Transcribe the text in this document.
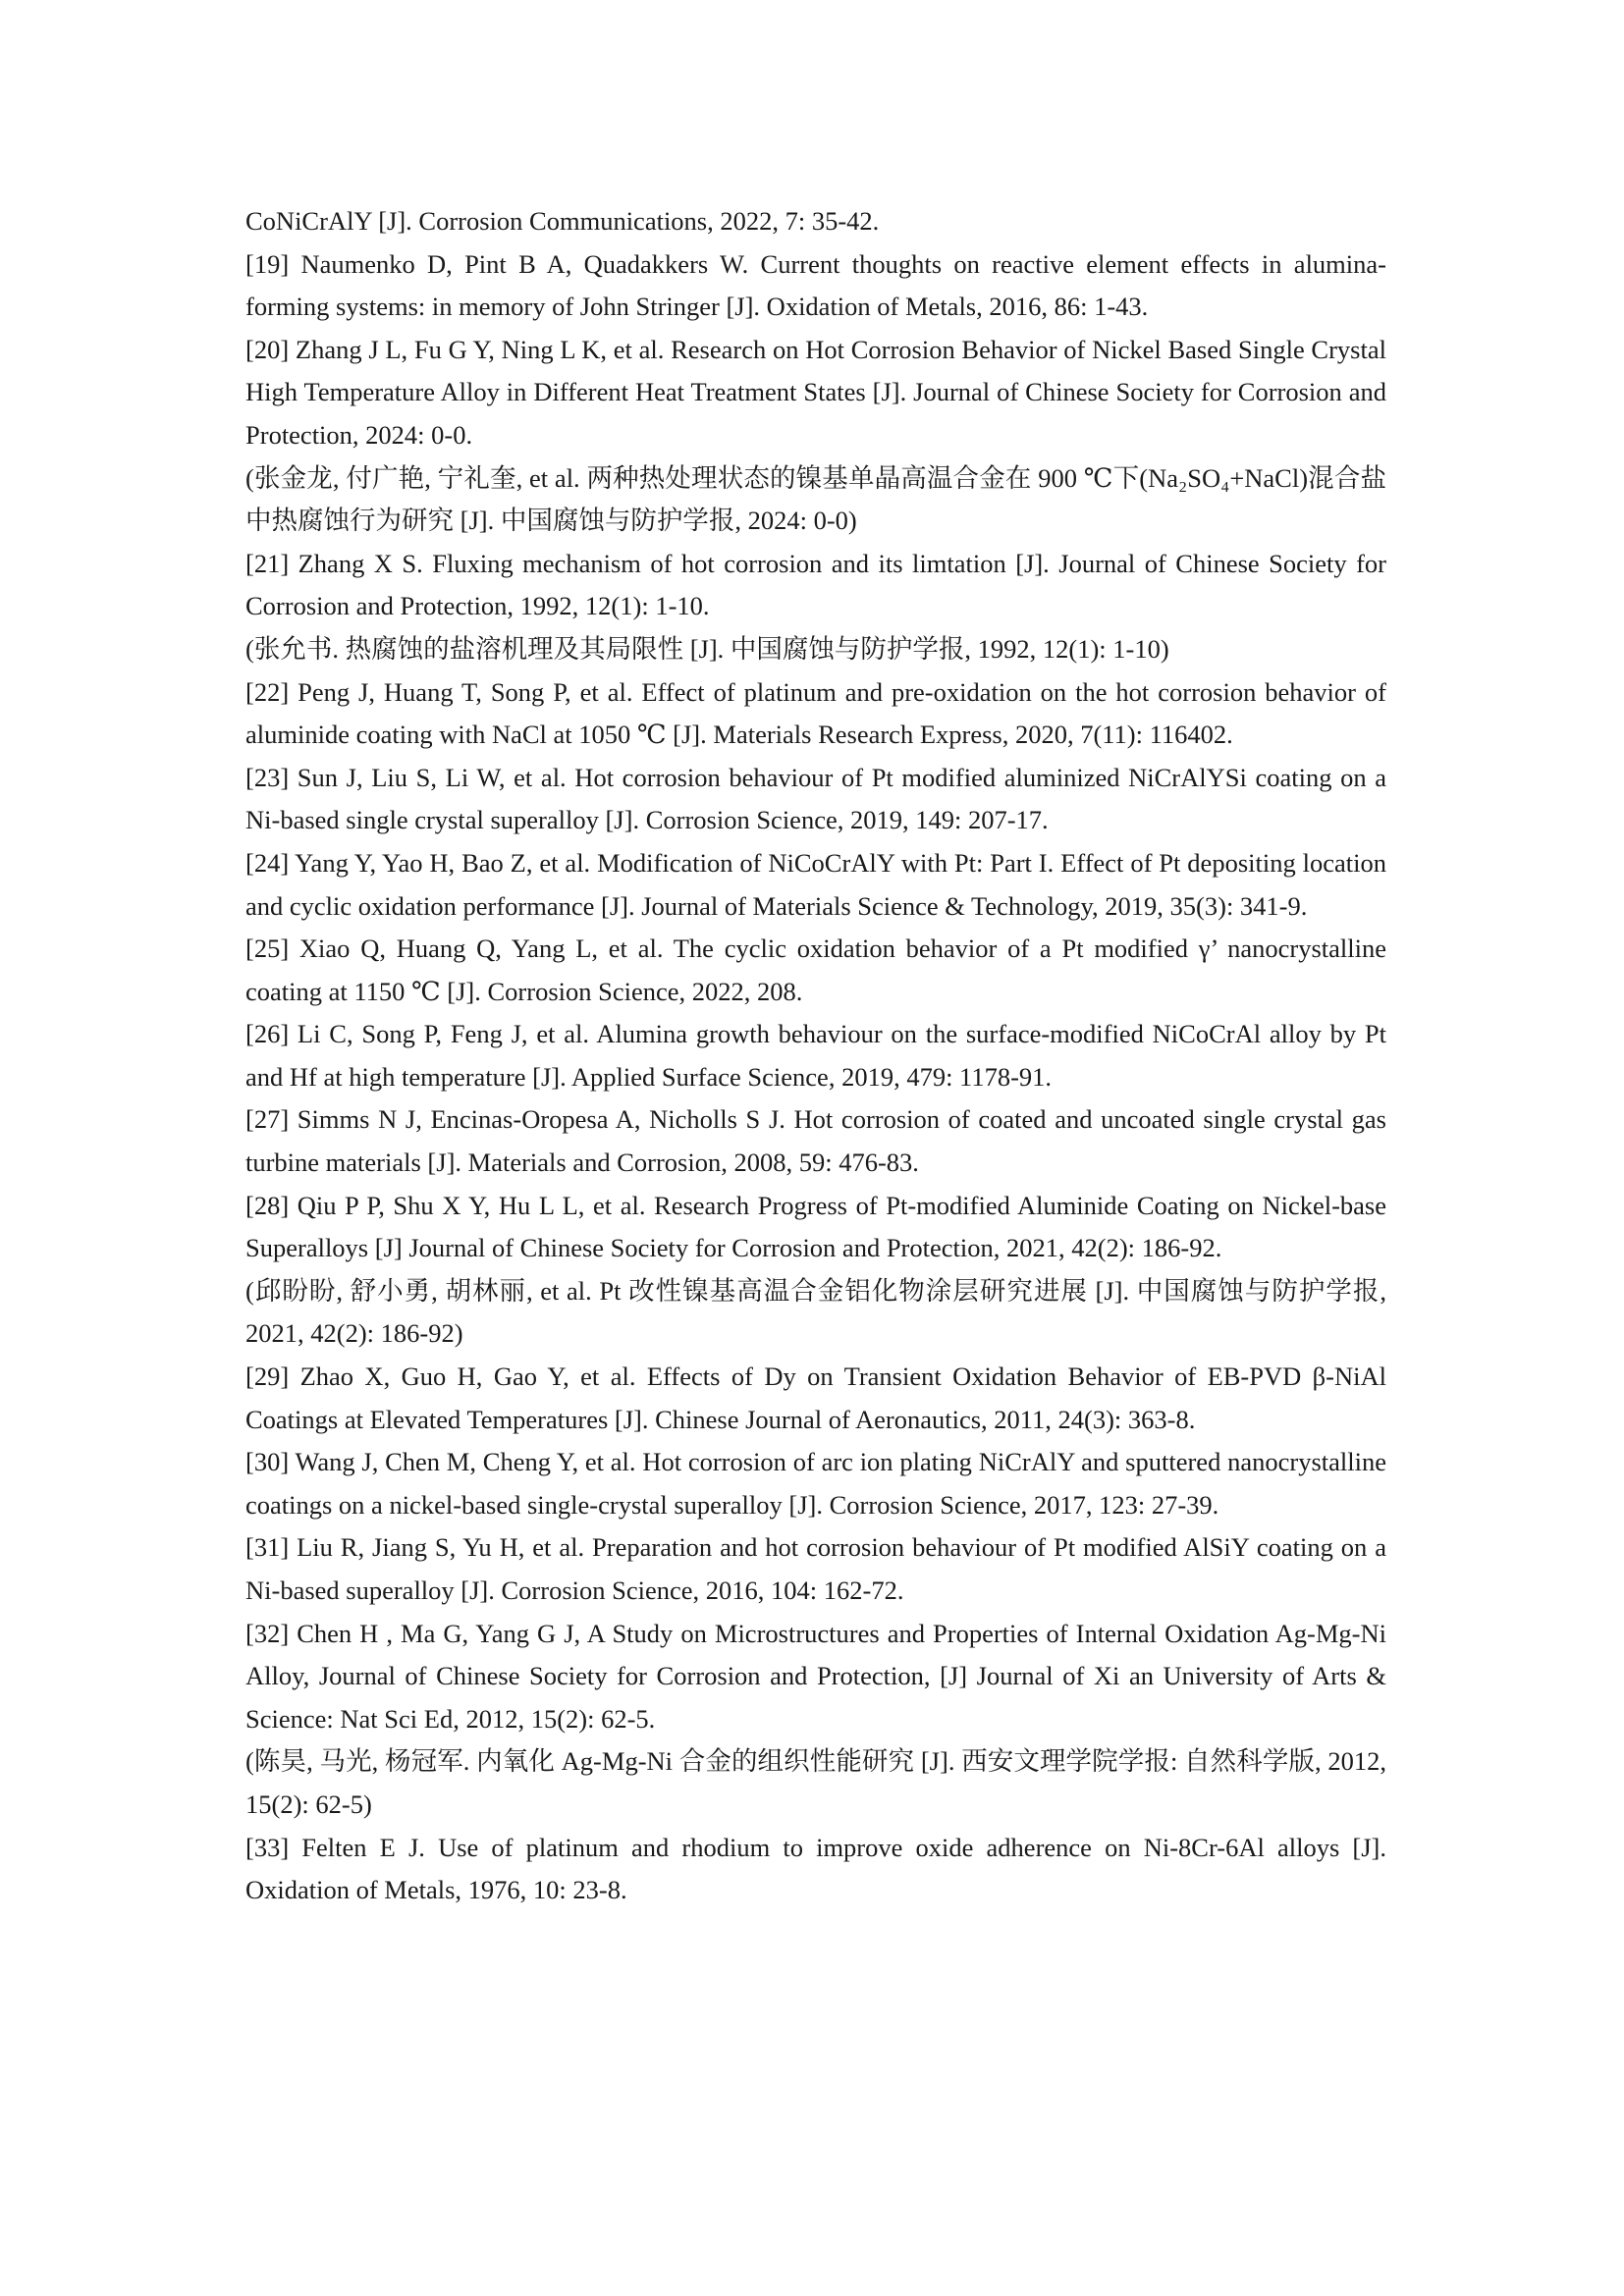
CoNiCrAlY [J]. Corrosion Communications, 2022, 7: 35-42.

[19] Naumenko D, Pint B A, Quadakkers W. Current thoughts on reactive element effects in alumina-forming systems: in memory of John Stringer [J]. Oxidation of Metals, 2016, 86: 1-43.

[20] Zhang J L, Fu G Y, Ning L K, et al. Research on Hot Corrosion Behavior of Nickel Based Single Crystal High Temperature Alloy in Different Heat Treatment States [J]. Journal of Chinese Society for Corrosion and Protection, 2024: 0-0.

(张金龙, 付广艳, 宁礼奎, et al. 两种热处理状态的镍基单晶高温合金在 900 ℃下(Na₂SO₄+NaCl)混合盐中热腐蚀行为研究 [J]. 中国腐蚀与防护学报, 2024: 0-0)

[21] Zhang X S. Fluxing mechanism of hot corrosion and its limtation [J]. Journal of Chinese Society for Corrosion and Protection, 1992, 12(1): 1-10.

(张允书. 热腐蚀的盐溶机理及其局限性 [J]. 中国腐蚀与防护学报, 1992, 12(1): 1-10)

[22] Peng J, Huang T, Song P, et al. Effect of platinum and pre-oxidation on the hot corrosion behavior of aluminide coating with NaCl at 1050 ℃ [J]. Materials Research Express, 2020, 7(11): 116402.

[23] Sun J, Liu S, Li W, et al. Hot corrosion behaviour of Pt modified aluminized NiCrAlYSi coating on a Ni-based single crystal superalloy [J]. Corrosion Science, 2019, 149: 207-17.

[24] Yang Y, Yao H, Bao Z, et al. Modification of NiCoCrAlY with Pt: Part I. Effect of Pt depositing location and cyclic oxidation performance [J]. Journal of Materials Science & Technology, 2019, 35(3): 341-9.

[25] Xiao Q, Huang Q, Yang L, et al. The cyclic oxidation behavior of a Pt modified γ’ nanocrystalline coating at 1150 ℃ [J]. Corrosion Science, 2022, 208.

[26] Li C, Song P, Feng J, et al. Alumina growth behaviour on the surface-modified NiCoCrAl alloy by Pt and Hf at high temperature [J]. Applied Surface Science, 2019, 479: 1178-91.

[27] Simms N J, Encinas-Oropesa A, Nicholls S J. Hot corrosion of coated and uncoated single crystal gas turbine materials [J]. Materials and Corrosion, 2008, 59: 476-83.

[28] Qiu P P, Shu X Y, Hu L L, et al. Research Progress of Pt-modified Aluminide Coating on Nickel-base Superalloys [J] Journal of Chinese Society for Corrosion and Protection, 2021, 42(2): 186-92.

(邱盼盼, 舒小勇, 胡林丽, et al. Pt 改性镍基高温合金铝化物涂层研究进展 [J]. 中国腐蚀与防护学报, 2021, 42(2): 186-92)

[29] Zhao X, Guo H, Gao Y, et al. Effects of Dy on Transient Oxidation Behavior of EB-PVD β-NiAl Coatings at Elevated Temperatures [J]. Chinese Journal of Aeronautics, 2011, 24(3): 363-8.

[30] Wang J, Chen M, Cheng Y, et al. Hot corrosion of arc ion plating NiCrAlY and sputtered nanocrystalline coatings on a nickel-based single-crystal superalloy [J]. Corrosion Science, 2017, 123: 27-39.

[31] Liu R, Jiang S, Yu H, et al. Preparation and hot corrosion behaviour of Pt modified AlSiY coating on a Ni-based superalloy [J]. Corrosion Science, 2016, 104: 162-72.

[32] Chen H , Ma G, Yang G J, A Study on Microstructures and Properties of Internal Oxidation Ag-Mg-Ni Alloy, Journal of Chinese Society for Corrosion and Protection, [J] Journal of Xi an University of Arts & Science: Nat Sci Ed, 2012, 15(2): 62-5.

(陈昊, 马光, 杨冠军. 内氧化 Ag-Mg-Ni 合金的组织性能研究 [J]. 西安文理学院学报: 自然科学版, 2012, 15(2): 62-5)

[33] Felten E J. Use of platinum and rhodium to improve oxide adherence on Ni-8Cr-6Al alloys [J]. Oxidation of Metals, 1976, 10: 23-8.
